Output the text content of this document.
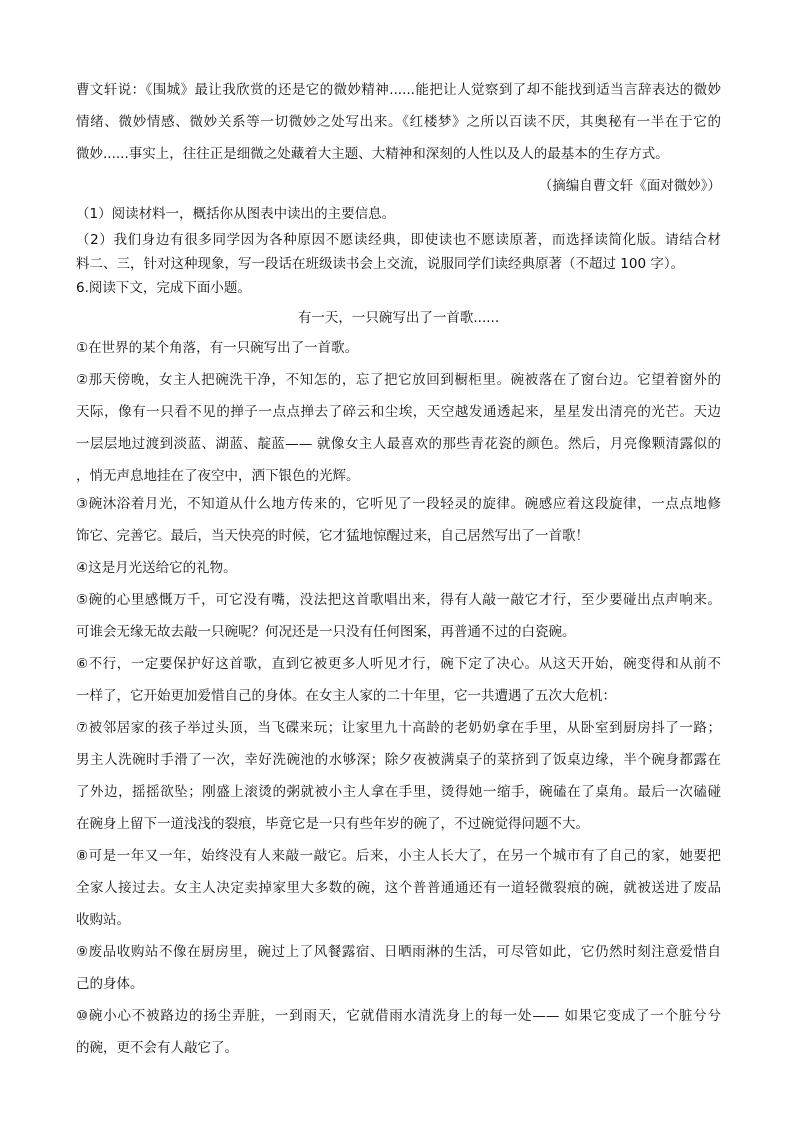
曹文轩说：《围城》最让我欣赏的还是它的微妙精神......能把让人觉察到了却不能找到适当言辞表达的微妙
情绪、微妙情感、微妙关系等一切微妙之处写出来。《红楼梦》之所以百读不厌，其奥秘有一半在于它的
微妙......事实上，往往正是细微之处藏着大主题、大精神和深刻的人性以及人的最基本的生存方式。
（摘编自曹文轩《面对微妙》）
（1）阅读材料一，概括你从图表中读出的主要信息。
（2）我们身边有很多同学因为各种原因不愿读经典，即使读也不愿读原著，而选择读简化版。请结合材
料二、三，针对这种现象，写一段话在班级读书会上交流，说服同学们读经典原著（不超过 100 字）。
6.阅读下文，完成下面小题。
有一天，一只碗写出了一首歌......
①在世界的某个角落，有一只碗写出了一首歌。
②那天傍晚，女主人把碗洗干净，不知怎的，忘了把它放回到橱柜里。碗被落在了窗台边。它望着窗外的
天际，像有一只看不见的掸子一点点掸去了碎云和尘埃，天空越发通透起来，星星发出清亮的光芒。天边
一层层地过渡到淡蓝、湖蓝、靛蓝—— 就像女主人最喜欢的那些青花瓷的颜色。然后，月亮像颗清露似的
，悄无声息地挂在了夜空中，洒下银色的光辉。
③碗沐浴着月光，不知道从什么地方传来的，它听见了一段轻灵的旋律。碗感应着这段旋律，一点点地修
饰它、完善它。最后，当天快亮的时候，它才猛地惊醒过来，自己居然写出了一首歌！
④这是月光送给它的礼物。
⑤碗的心里感慨万千，可它没有嘴，没法把这首歌唱出来，得有人敲一敲它才行，至少要碰出点声响来。
可谁会无缘无故去敲一只碗呢？何况还是一只没有任何图案，再普通不过的白瓷碗。
⑥不行，一定要保护好这首歌，直到它被更多人听见才行，碗下定了决心。从这天开始，碗变得和从前不
一样了，它开始更加爱惜自己的身体。在女主人家的二十年里，它一共遭遇了五次大危机：
⑦被邻居家的孩子举过头顶，当飞碟来玩；让家里九十高龄的老奶奶拿在手里，从卧室到厨房抖了一路；
男主人洗碗时手滑了一次，幸好洗碗池的水够深；除夕夜被满桌子的菜挤到了饭桌边缘，半个碗身都露在
了外边，摇摇欲坠；刚盛上滚烫的粥就被小主人拿在手里，烫得她一缩手，碗磕在了桌角。最后一次磕碰
在碗身上留下一道浅浅的裂痕，毕竟它是一只有些年岁的碗了，不过碗觉得问题不大。
⑧可是一年又一年，始终没有人来敲一敲它。后来，小主人长大了，在另一个城市有了自己的家，她要把
全家人接过去。女主人决定卖掉家里大多数的碗，这个普普通通还有一道轻微裂痕的碗，就被送进了废品
收购站。
⑨废品收购站不像在厨房里，碗过上了风餐露宿、日晒雨淋的生活，可尽管如此，它仍然时刻注意爱惜自
己的身体。
⑩碗小心不被路边的扬尘弄脏，一到雨天，它就借雨水清洗身上的每一处—— 如果它变成了一个脏兮兮
的碗，更不会有人敲它了。
